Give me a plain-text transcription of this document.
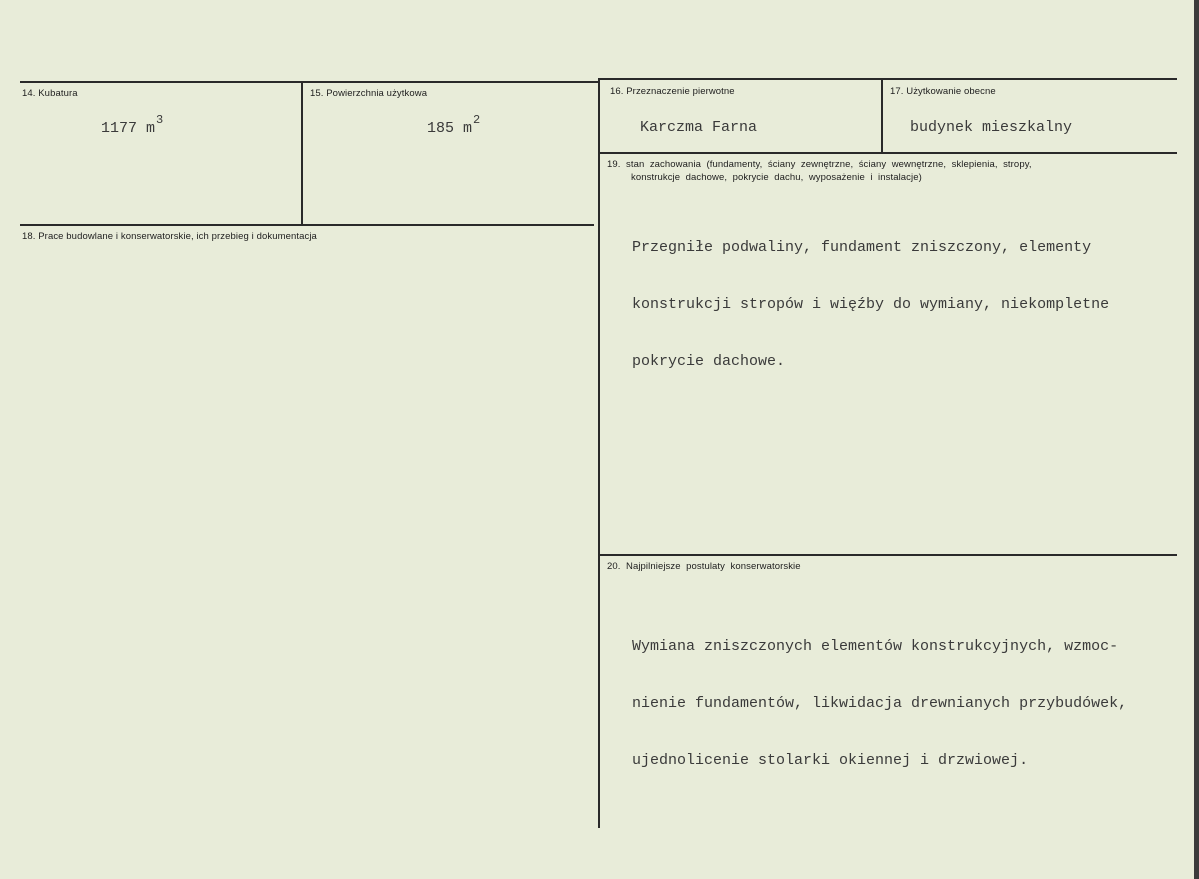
14. Kubatura
1177 $m^3$
15. Powierzchnia użytkowa
185 $m^2$
16. Przeznaczenie pierwotne
Karczma Farna
17. Użytkowanie obecne
budynek mieszkalny
18. Prace budowlane i konserwatorskie, ich przebieg i dokumentacja
19.  stan  zachowania  (fundamenty,  ściany  zewnętrzne,  ściany  wewnętrzne,  sklepienia,  stropy,
konstrukcje  dachowe,  pokrycie  dachu,  wyposażenie  i  instalacje)

Przegniłe podwaliny, fundament zniszczony, elementy

konstrukcji stropów i więźby do wymiany, niekompletne

pokrycie dachowe.

20.  Najpilniejsze  postulaty  konserwatorskie

Wymiana zniszczonych elementów konstrukcyjnych, wzmoc-

nienie fundamentów, likwidacja drewnianych przybudówek,

ujednolicenie stolarki okiennej i drzwiowej.
